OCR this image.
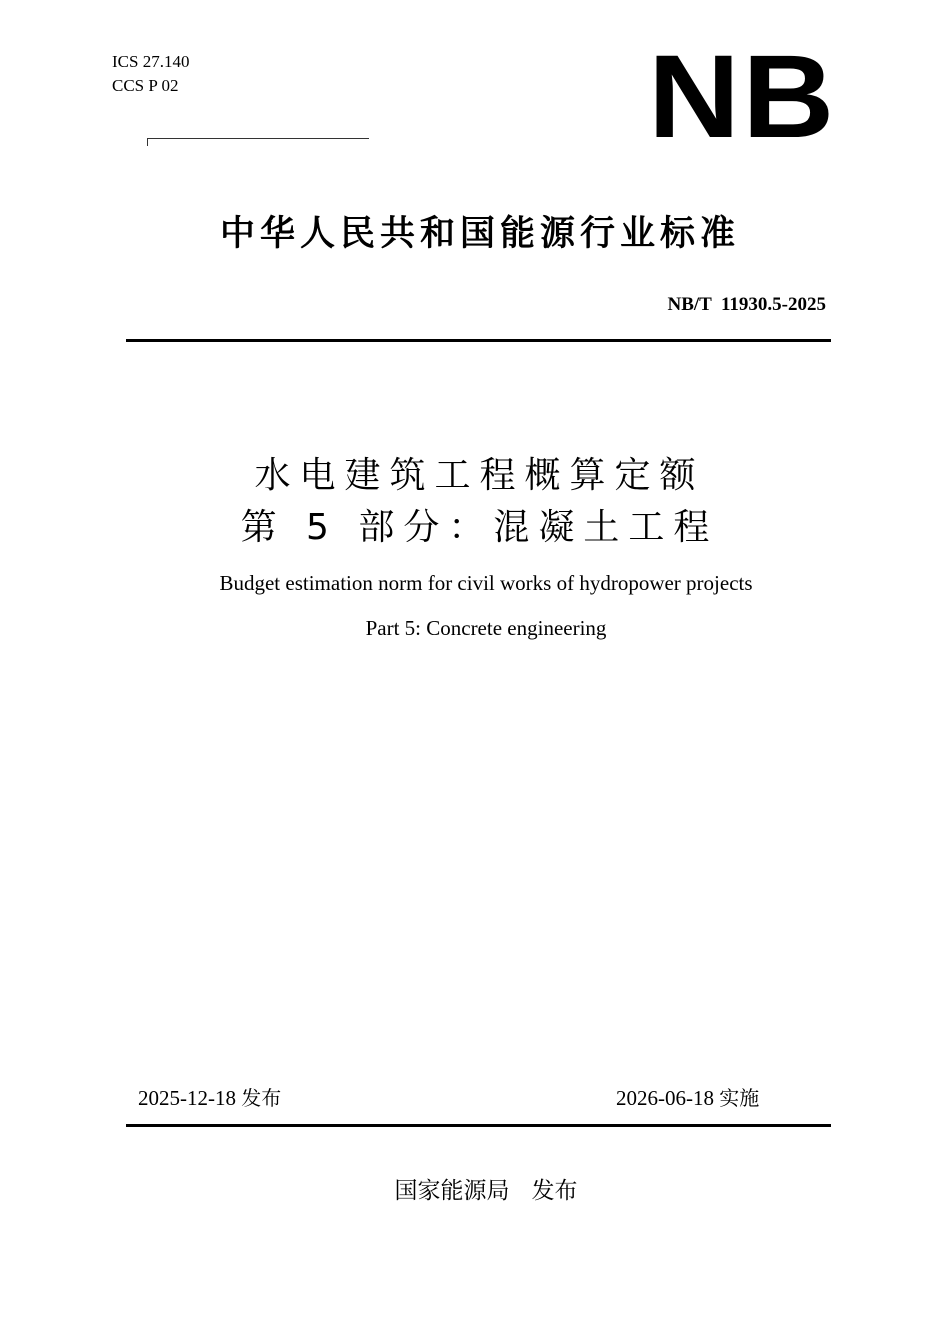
ICS 27.140
CCS P 02	NB
中华人民共和国能源行业标准
NB/T  11930.5-2025
水电建筑工程概算定额
第 5 部分：混凝土工程
Budget estimation norm for civil works of hydropower projects
Part 5: Concrete engineering
2025-12-18 发布	2026-06-18 实施
国家能源局   发布
